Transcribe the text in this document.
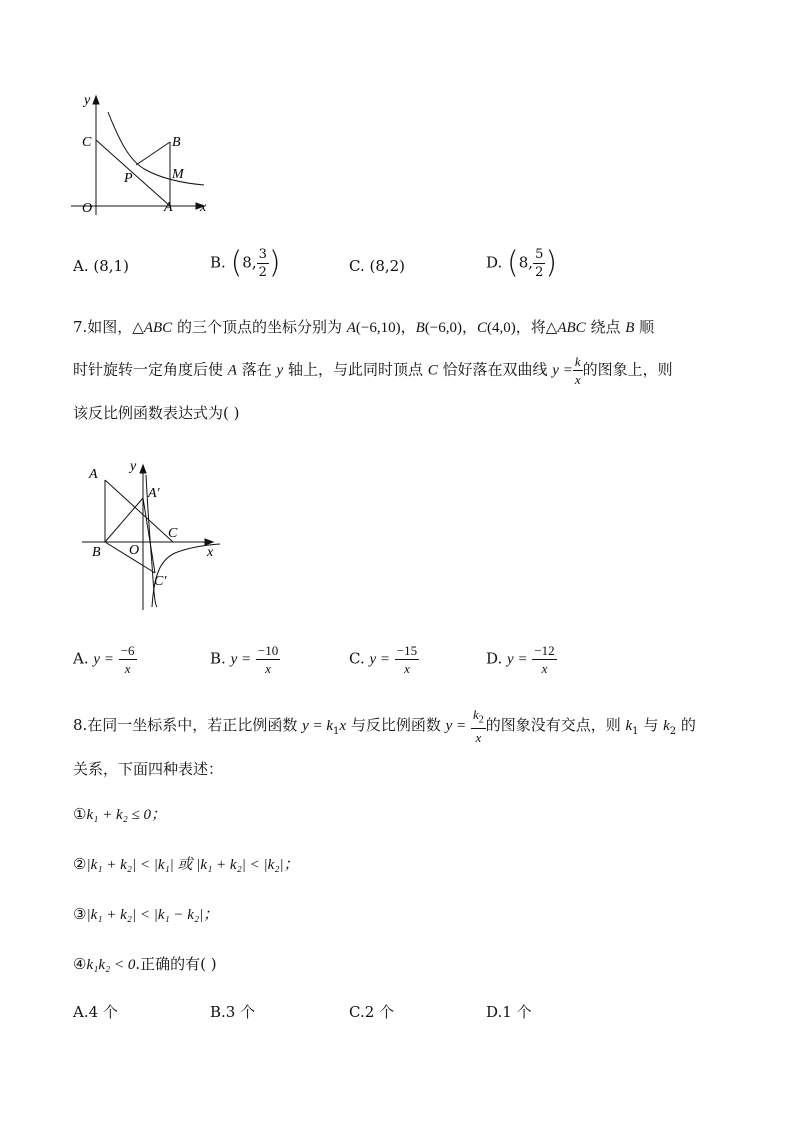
y
C	B
P	M
O	A x
A. (8,1)	B. (8, $\frac{3}{2}$ )	C. (8,2)	D. (8, $\frac{5}{2}$ )
7.如图，△ABC 的三个顶点的坐标分别为 A(−6,10)，B(−6,0)，C(4,0)，将△ABC 绕点 B 顺
时针旋转一定角度后使 A 落在 y 轴上，与此同时顶点 C 恰好落在双曲线 $y = \frac{k}{x}$ 的图象上，则
该反比例函数表达式为( )
A
y
A′
C
B O	x
C′
A. $y = \frac{-6}{x}$	B. $y = \frac{-10}{x}$	C. $y = \frac{-15}{x}$	D. $y = \frac{-12}{x}$
8.在同一坐标系中，若正比例函数 $y = k_1x$ 与反比例函数 $y = \frac{k_2}{x}$ 的图象没有交点，则 $k_1$ 与 $k_2$ 的
关系，下面四种表述：
①k₁ + k₂ ≤ 0；
②|k₁ + k₂| < |k₁| 或 |k₁ + k₂| < |k₂|；
③|k₁ + k₂| < |k₁ − k₂|；
④k₁k₂ < 0.正确的有( )
A.4 个	B.3 个	C.2 个	D.1 个
